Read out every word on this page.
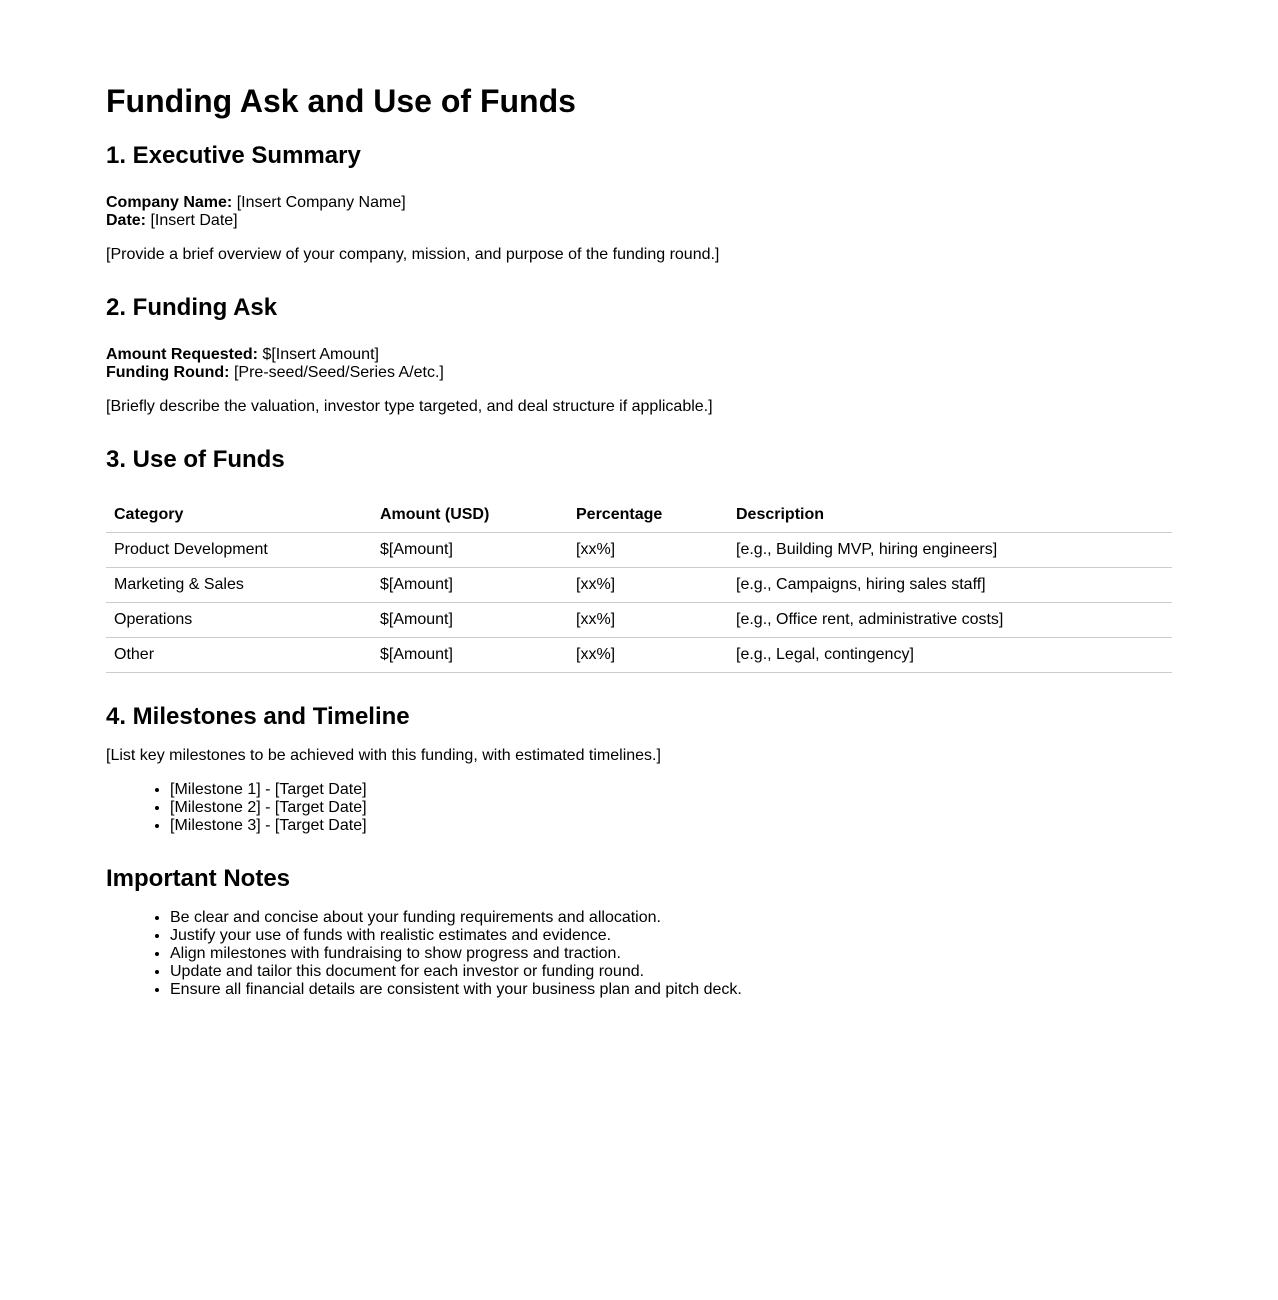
Funding Ask and Use of Funds
1. Executive Summary
Company Name: [Insert Company Name]
Date: [Insert Date]

[Provide a brief overview of your company, mission, and purpose of the funding round.]

2. Funding Ask
Amount Requested: $[Insert Amount]
Funding Round: [Pre-seed/Seed/Series A/etc.]

[Briefly describe the valuation, investor type targeted, and deal structure if applicable.]

3. Use of Funds
Category	Amount (USD)	Percentage	Description
Product Development	$[Amount]	[xx%]	[e.g., Building MVP, hiring engineers]
Marketing & Sales	$[Amount]	[xx%]	[e.g., Campaigns, hiring sales staff]
Operations	$[Amount]	[xx%]	[e.g., Office rent, administrative costs]
Other	$[Amount]	[xx%]	[e.g., Legal, contingency]
4. Milestones and Timeline

[List key milestones to be achieved with this funding, with estimated timelines.]

• [Milestone 1] - [Target Date]
• [Milestone 2] - [Target Date]
• [Milestone 3] - [Target Date]
Important Notes
• Be clear and concise about your funding requirements and allocation.
• Justify your use of funds with realistic estimates and evidence.
• Align milestones with fundraising to show progress and traction.
• Update and tailor this document for each investor or funding round.
• Ensure all financial details are consistent with your business plan and pitch deck.
